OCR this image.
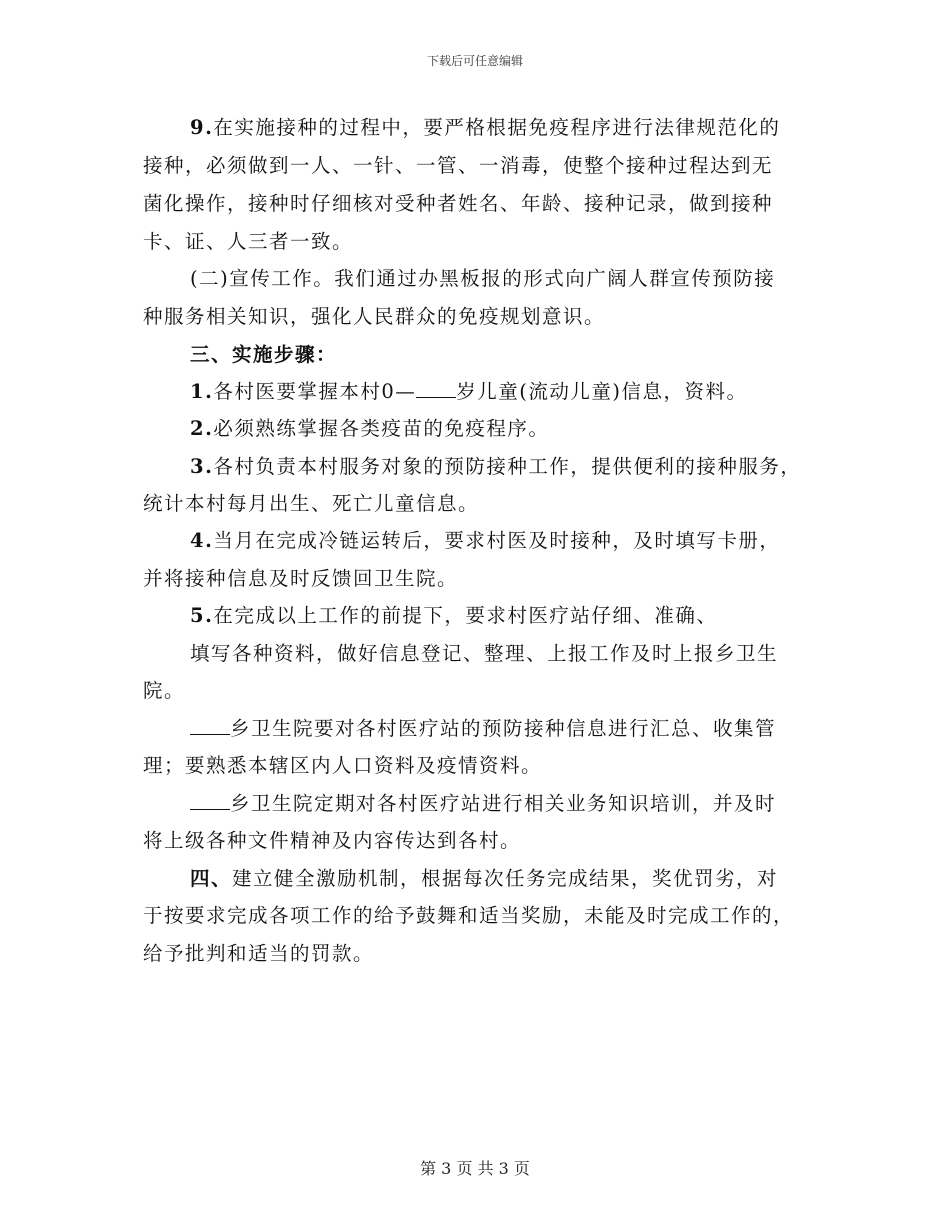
下载后可任意编辑
9.在实施接种的过程中，要严格根据免疫程序进行法律规范化的
接种，必须做到一人、一针、一管、一消毒，使整个接种过程达到无
菌化操作，接种时仔细核对受种者姓名、年龄、接种记录，做到接种
卡、证、人三者一致。
(二)宣传工作。我们通过办黑板报的形式向广阔人群宣传预防接
种服务相关知识，强化人民群众的免疫规划意识。
三、实施步骤：
1.各村医要掌握本村0— 岁儿童(流动儿童)信息，资料。
2.必须熟练掌握各类疫苗的免疫程序。
3.各村负责本村服务对象的预防接种工作，提供便利的接种服务，
统计本村每月出生、死亡儿童信息。
4.当月在完成冷链运转后，要求村医及时接种，及时填写卡册，
并将接种信息及时反馈回卫生院。
5.在完成以上工作的前提下，要求村医疗站仔细、准确、
填写各种资料，做好信息登记、整理、上报工作及时上报乡卫生
院。
乡卫生院要对各村医疗站的预防接种信息进行汇总、收集管
理；要熟悉本辖区内人口资料及疫情资料。
乡卫生院定期对各村医疗站进行相关业务知识培训，并及时
将上级各种文件精神及内容传达到各村。
四、建立健全激励机制，根据每次任务完成结果，奖优罚劣，对
于按要求完成各项工作的给予鼓舞和适当奖励，未能及时完成工作的，
给予批判和适当的罚款。
第 3 页 共 3 页
